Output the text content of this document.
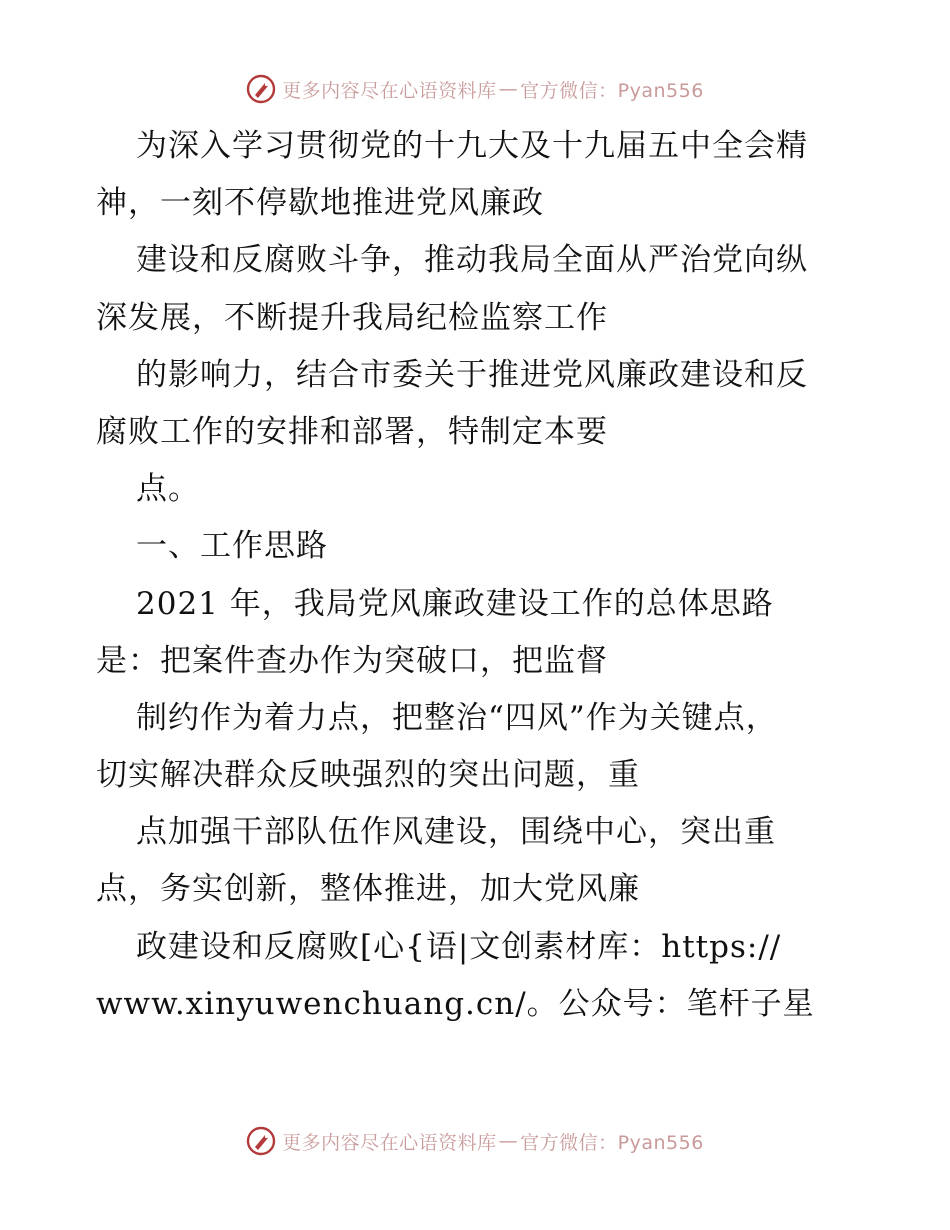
更多内容尽在心语资料库 — 官方微信：Pyan556
为深入学习贯彻党的十九大及十九届五中全会精
神，一刻不停歇地推进党风廉政
建设和反腐败斗争，推动我局全面从严治党向纵
深发展，不断提升我局纪检监察工作
的影响力，结合市委关于推进党风廉政建设和反
腐败工作的安排和部署，特制定本要
点。
一、工作思路
2021 年，我局党风廉政建设工作的总体思路
是：把案件查办作为突破口，把监督
制约作为着力点，把整治“四风”作为关键点，
切实解决群众反映强烈的突出问题，重
点加强干部队伍作风建设，围绕中心，突出重
点，务实创新，整体推进，加大党风廉
政建设和反腐败[心{语|文创素材库：https://
www.xinyuwenchuang.cn/。公众号：笔杆子星
更多内容尽在心语资料库 — 官方微信：Pyan556
